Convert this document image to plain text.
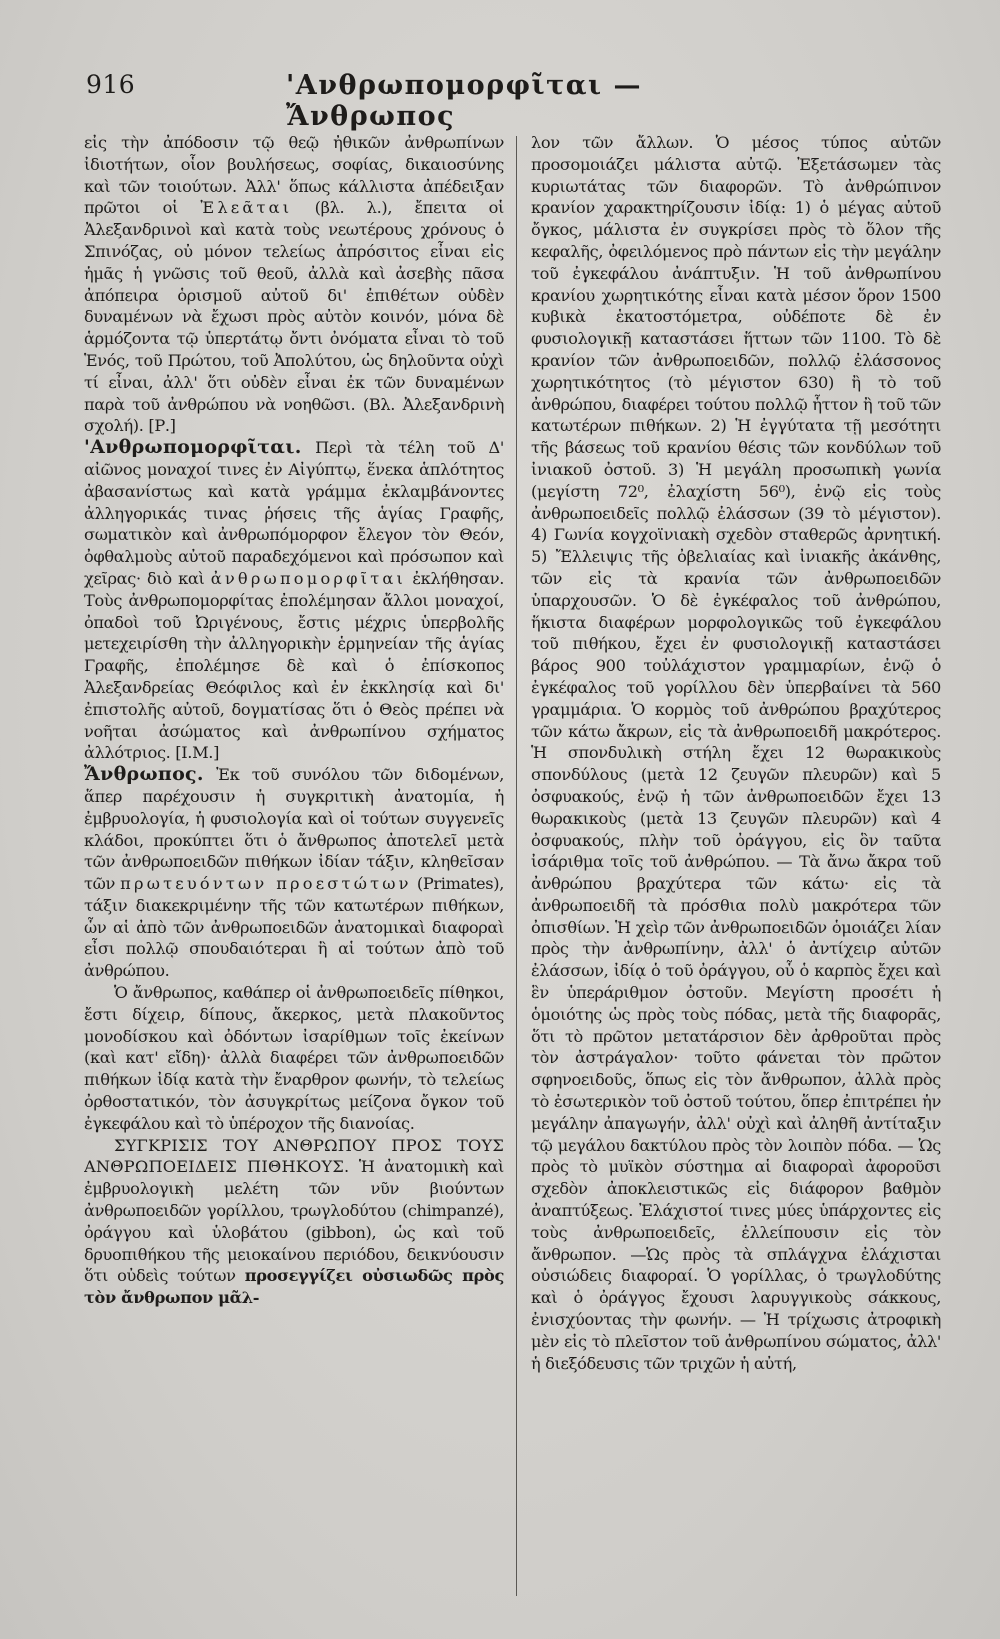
916	'Ανθρωπομορφῖται — Ἄνθρωπος

εἰς τὴν ἀπόδοσιν τῷ θεῷ ἠθικῶν ἀνθρωπίνων ἰδιοτήτων, οἷον βουλήσεως, σοφίας, δικαιοσύνης καὶ τῶν τοιούτων. Ἀλλ' ὅπως κάλλιστα ἀπέδειξαν πρῶτοι οἱ Ἐλεᾶται (βλ. λ.), ἔπειτα οἱ Ἀλεξανδρινοὶ καὶ κατὰ τοὺς νεωτέρους χρόνους ὁ Σπινόζας, οὐ μόνον τελείως ἀπρόσιτος εἶναι εἰς ἡμᾶς ἡ γνῶσις τοῦ θεοῦ, ἀλλὰ καὶ ἀσεβὴς πᾶσα ἀπόπειρα ὁρισμοῦ αὐτοῦ δι' ἐπιθέτων οὐδὲν δυναμένων νὰ ἔχωσι πρὸς αὐτὸν κοινόν, μόνα δὲ ἁρμόζοντα τῷ ὑπερτάτῳ ὄντι ὀνόματα εἶναι τὸ τοῦ Ἑνός, τοῦ Πρώτου, τοῦ Ἀπολύτου, ὡς δηλοῦντα οὐχὶ τί εἶναι, ἀλλ' ὅτι οὐδὲν εἶναι ἐκ τῶν δυναμένων παρὰ τοῦ ἀνθρώπου νὰ νοηθῶσι. (Βλ. Ἀλεξανδρινὴ σχολή). [Ρ.]

'Ανθρωπομορφῖται. Περὶ τὰ τέλη τοῦ Δ' αἰῶνος μοναχοί τινες ἐν Αἰγύπτῳ, ἕνεκα ἁπλότητος ἀβασανίστως καὶ κατὰ γράμμα ἐκλαμβάνοντες ἀλληγορικάς τινας ῥήσεις τῆς ἁγίας Γραφῆς, σωματικὸν καὶ ἀνθρωπόμορφον ἔλεγον τὸν Θεόν, ὀφθαλμοὺς αὐτοῦ παραδεχόμενοι καὶ πρόσωπον καὶ χεῖρας· διὸ καὶ ἀνθρωπομορφῖται ἐκλήθησαν. Τοὺς ἀνθρωπομορφίτας ἐπολέμησαν ἄλλοι μοναχοί, ὀπαδοὶ τοῦ Ὠριγένους, ἔστις μέχρις ὑπερβολῆς μετεχειρίσθη τὴν ἀλληγορικὴν ἑρμηνείαν τῆς ἁγίας Γραφῆς, ἐπολέμησε δὲ καὶ ὁ ἐπίσκοπος Ἀλεξανδρείας Θεόφιλος καὶ ἐν ἐκκλησίᾳ καὶ δι' ἐπιστολῆς αὐτοῦ, δογματίσας ὅτι ὁ Θεὸς πρέπει νὰ νοῆται ἀσώματος καὶ ἀνθρωπίνου σχήματος ἀλλότριος. [Ι.Μ.]

Ἄνθρωπος. Ἐκ τοῦ συνόλου τῶν διδομένων, ἅπερ παρέχουσιν ἡ συγκριτικὴ ἀνατομία, ἡ ἐμβρυολογία, ἡ φυσιολογία καὶ οἱ τούτων συγγενεῖς κλάδοι, προκύπτει ὅτι ὁ ἄνθρωπος ἀποτελεῖ μετὰ τῶν ἀνθρωποειδῶν πιθήκων ἰδίαν τάξιν, κληθεῖσαν τῶν πρωτευόντων προεστώτων (Primates), τάξιν διακεκριμένην τῆς τῶν κατωτέρων πιθήκων, ὧν αἱ ἀπὸ τῶν ἀνθρωποειδῶν ἀνατομικαὶ διαφοραὶ εἶσι πολλῷ σπουδαιότεραι ἢ αἱ τούτων ἀπὸ τοῦ ἀνθρώπου.

Ὁ ἄνθρωπος, καθάπερ οἱ ἀνθρωποειδεῖς πίθηκοι, ἔστι δίχειρ, δίπους, ἄκερκος, μετὰ πλακοῦντος μονοδίσκου καὶ ὀδόντων ἰσαρίθμων τοῖς ἐκείνων (καὶ κατ' εἴδη)· ἀλλὰ διαφέρει τῶν ἀνθρωποειδῶν πιθήκων ἰδίᾳ κατὰ τὴν ἔναρθρον φωνήν, τὸ τελείως ὀρθοστατικόν, τὸν ἀσυγκρίτως μείζονα ὄγκον τοῦ ἐγκεφάλου καὶ τὸ ὑπέροχον τῆς διανοίας.

ΣΥΓΚΡΙΣΙΣ ΤΟΥ ΑΝΘΡΩΠΟΥ ΠΡΟΣ ΤΟΥΣ ΑΝΘΡΩΠΟΕΙΔΕΙΣ ΠΙΘΗΚΟΥΣ. Ἡ ἀνατομικὴ καὶ ἐμβρυολογικὴ μελέτη τῶν νῦν βιούντων ἀνθρωποειδῶν γορίλλου, τρωγλοδύτου (chimpanzé), ὀράγγου καὶ ὑλοβάτου (gibbon), ὡς καὶ τοῦ δρυοπιθήκου τῆς μειοκαίνου περιόδου, δεικνύουσιν ὅτι οὐδεὶς τούτων προσεγγίζει οὐσιωδῶς πρὸς τὸν ἄνθρωπον μᾶλ-

λον τῶν ἄλλων. Ὁ μέσος τύπος αὐτῶν προσομοιάζει μάλιστα αὐτῷ. Ἐξετάσωμεν τὰς κυριωτάτας τῶν διαφορῶν. Τὸ ἀνθρώπινον κρανίον χαρακτηρίζουσιν ἰδίᾳ: 1) ὁ μέγας αὐτοῦ ὄγκος, μάλιστα ἐν συγκρίσει πρὸς τὸ ὅλον τῆς κεφαλῆς, ὀφειλόμενος πρὸ πάντων εἰς τὴν μεγάλην τοῦ ἐγκεφάλου ἀνάπτυξιν. Ἡ τοῦ ἀνθρωπίνου κρανίου χωρητικότης εἶναι κατὰ μέσον ὅρον 1500 κυβικὰ ἑκατοστόμετρα, οὐδέποτε δὲ ἐν φυσιολογικῇ καταστάσει ἥττων τῶν 1100. Τὸ δὲ κρανίον τῶν ἀνθρωποειδῶν, πολλῷ ἐλάσσονος χωρητικότητος (τὸ μέγιστον 630) ἢ τὸ τοῦ ἀνθρώπου, διαφέρει τούτου πολλῷ ἧττον ἢ τοῦ τῶν κατωτέρων πιθήκων. 2) Ἡ ἐγγύτατα τῇ μεσότητι τῆς βάσεως τοῦ κρανίου θέσις τῶν κονδύλων τοῦ ἰνιακοῦ ὀστοῦ. 3) Ἡ μεγάλη προσωπικὴ γωνία (μεγίστη 72⁰, ἐλαχίστη 56⁰), ἐνῷ εἰς τοὺς ἀνθρωποειδεῖς πολλῷ ἐλάσσων (39 τὸ μέγιστον). 4) Γωνία κογχοϊνιακὴ σχεδὸν σταθερῶς ἀρνητική. 5) Ἔλλειψις τῆς ὀβελιαίας καὶ ἰνιακῆς ἀκάνθης, τῶν εἰς τὰ κρανία τῶν ἀνθρωποειδῶν ὑπαρχουσῶν. Ὁ δὲ ἐγκέφαλος τοῦ ἀνθρώπου, ἥκιστα διαφέρων μορφολογικῶς τοῦ ἐγκεφάλου τοῦ πιθήκου, ἔχει ἐν φυσιολογικῇ καταστάσει βάρος 900 τοὐλάχιστον γραμμαρίων, ἐνῷ ὁ ἐγκέφαλος τοῦ γορίλλου δὲν ὑπερβαίνει τὰ 560 γραμμάρια. Ὁ κορμὸς τοῦ ἀνθρώπου βραχύτερος τῶν κάτω ἄκρων, εἰς τὰ ἀνθρωποειδῆ μακρότερος. Ἡ σπονδυλικὴ στήλη ἔχει 12 θωρακικοὺς σπονδύλους (μετὰ 12 ζευγῶν πλευρῶν) καὶ 5 ὀσφυακούς, ἐνῷ ἡ τῶν ἀνθρωποειδῶν ἔχει 13 θωρακικοὺς (μετὰ 13 ζευγῶν πλευρῶν) καὶ 4 ὀσφυακούς, πλὴν τοῦ ὀράγγου, εἰς ὃν ταῦτα ἰσάριθμα τοῖς τοῦ ἀνθρώπου. — Τὰ ἄνω ἄκρα τοῦ ἀνθρώπου βραχύτερα τῶν κάτω· εἰς τὰ ἀνθρωποειδῆ τὰ πρόσθια πολὺ μακρότερα τῶν ὀπισθίων. Ἡ χεὶρ τῶν ἀνθρωποειδῶν ὁμοιάζει λίαν πρὸς τὴν ἀνθρωπίνην, ἀλλ' ὁ ἀντίχειρ αὐτῶν ἐλάσσων, ἰδίᾳ ὁ τοῦ ὀράγγου, οὗ ὁ καρπὸς ἔχει καὶ ἓν ὑπεράριθμον ὀστοῦν. Μεγίστη προσέτι ἡ ὁμοιότης ὡς πρὸς τοὺς πόδας, μετὰ τῆς διαφορᾶς, ὅτι τὸ πρῶτον μετατάρσιον δὲν ἀρθροῦται πρὸς τὸν ἀστράγαλον· τοῦτο φάνεται τὸν πρῶτον σφηνοειδοῦς, ὅπως εἰς τὸν ἄνθρωπον, ἀλλὰ πρὸς τὸ ἐσωτερικὸν τοῦ ὀστοῦ τούτου, ὅπερ ἐπιτρέπει ἡν μεγάλην ἀπαγωγήν, ἀλλ' οὐχὶ καὶ ἀληθῆ ἀντίταξιν τῷ μεγάλου δακτύλου πρὸς τὸν λοιπὸν πόδα. — Ὡς πρὸς τὸ μυϊκὸν σύστημα αἱ διαφοραὶ ἀφοροῦσι σχεδὸν ἀποκλειστικῶς εἰς διάφορον βαθμὸν ἀναπτύξεως. Ἐλάχιστοί τινες μύες ὑπάρχοντες εἰς τοὺς ἀνθρωποειδεῖς, ἐλλείπουσιν εἰς τὸν ἄνθρωπον. —Ὡς πρὸς τὰ σπλάγχνα ἐλάχισται οὐσιώδεις διαφοραί. Ὁ γορίλλας, ὁ τρωγλοδύτης καὶ ὁ ὀράγγος ἔχουσι λαρυγγικοὺς σάκκους, ἐνισχύοντας τὴν φωνήν. — Ἡ τρίχωσις ἀτροφικὴ μὲν εἰς τὸ πλεῖστον τοῦ ἀνθρωπίνου σώματος, ἀλλ' ἡ διεξόδευσις τῶν τριχῶν ἡ αὐτή,
